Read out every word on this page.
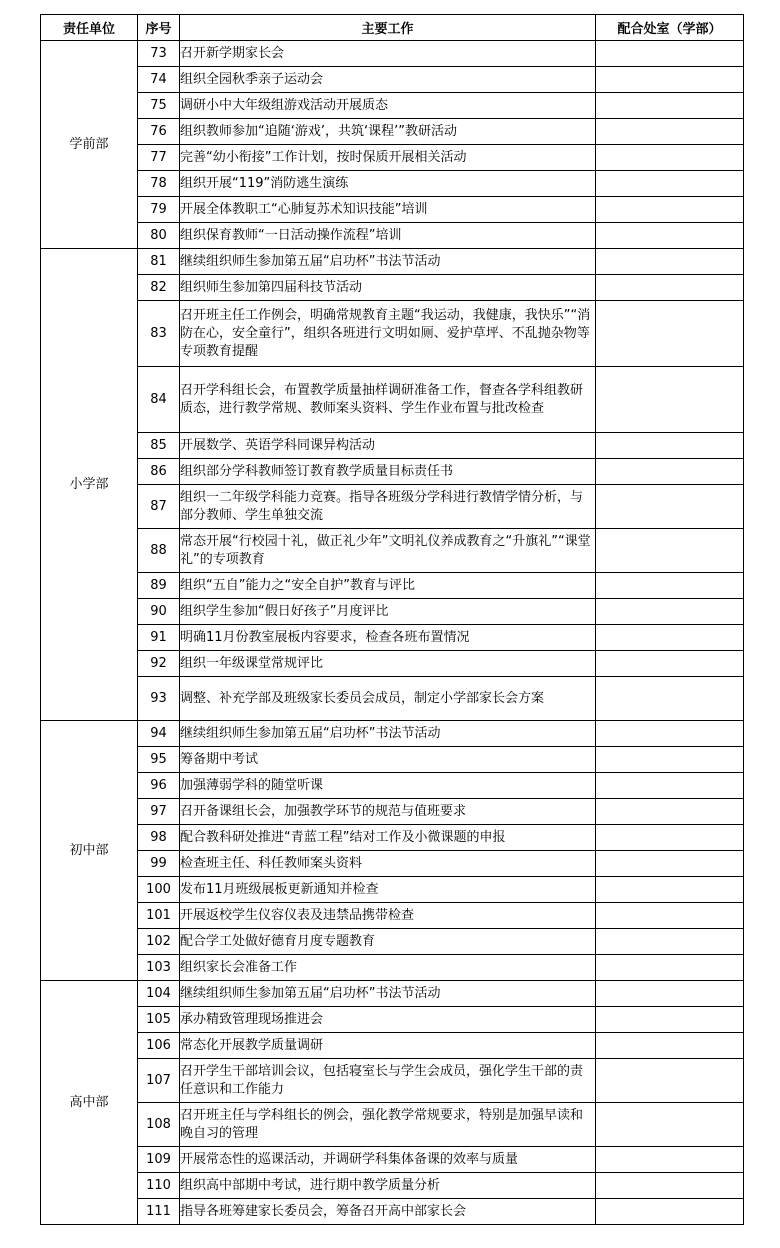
责任单位	序号	主要工作	配合处室（学部）
学前部	73	召开新学期家长会	
	74	组织全园秋季亲子运动会	
	75	调研小中大年级组游戏活动开展质态	
	76	组织教师参加“追随‘游戏’，共筑‘课程’”教研活动	
	77	完善“幼小衔接”工作计划，按时保质开展相关活动	
	78	组织开展“119”消防逃生演练	
	79	开展全体教职工“心肺复苏术知识技能”培训	
	80	组织保育教师“一日活动操作流程”培训	
小学部	81	继续组织师生参加第五届“启功杯”书法节活动	
	82	组织师生参加第四届科技节活动	
	83	召开班主任工作例会，明确常规教育主题“我运动，我健康，我快乐”“消防在心，安全童行”，组织各班进行文明如厕、爱护草坪、不乱抛杂物等专项教育提醒	
	84	召开学科组长会，布置教学质量抽样调研准备工作，督查各学科组教研质态，进行教学常规、教师案头资料、学生作业布置与批改检查	
	85	开展数学、英语学科同课异构活动	
	86	组织部分学科教师签订教育教学质量目标责任书	
	87	组织一二年级学科能力竞赛。指导各班级分学科进行教情学情分析，与部分教师、学生单独交流	
	88	常态开展“行校园十礼，做正礼少年”文明礼仪养成教育之“升旗礼”“课堂礼”的专项教育	
	89	组织“五自”能力之“安全自护”教育与评比	
	90	组织学生参加“假日好孩子”月度评比	
	91	明确11月份教室展板内容要求，检查各班布置情况	
	92	组织一年级课堂常规评比	
	93	调整、补充学部及班级家长委员会成员，制定小学部家长会方案	
初中部	94	继续组织师生参加第五届“启功杯”书法节活动	
	95	筹备期中考试	
	96	加强薄弱学科的随堂听课	
	97	召开备课组长会，加强教学环节的规范与值班要求	
	98	配合教科研处推进“青蓝工程”结对工作及小微课题的申报	
	99	检查班主任、科任教师案头资料	
	100	发布11月班级展板更新通知并检查	
	101	开展返校学生仪容仪表及违禁品携带检查	
	102	配合学工处做好德育月度专题教育	
	103	组织家长会准备工作	
高中部	104	继续组织师生参加第五届“启功杯”书法节活动	
	105	承办精致管理现场推进会	
	106	常态化开展教学质量调研	
	107	召开学生干部培训会议，包括寝室长与学生会成员，强化学生干部的责任意识和工作能力	
	108	召开班主任与学科组长的例会，强化教学常规要求，特别是加强早读和晚自习的管理	
	109	开展常态性的巡课活动，并调研学科集体备课的效率与质量	
	110	组织高中部期中考试，进行期中教学质量分析	
	111	指导各班筹建家长委员会，筹备召开高中部家长会	
